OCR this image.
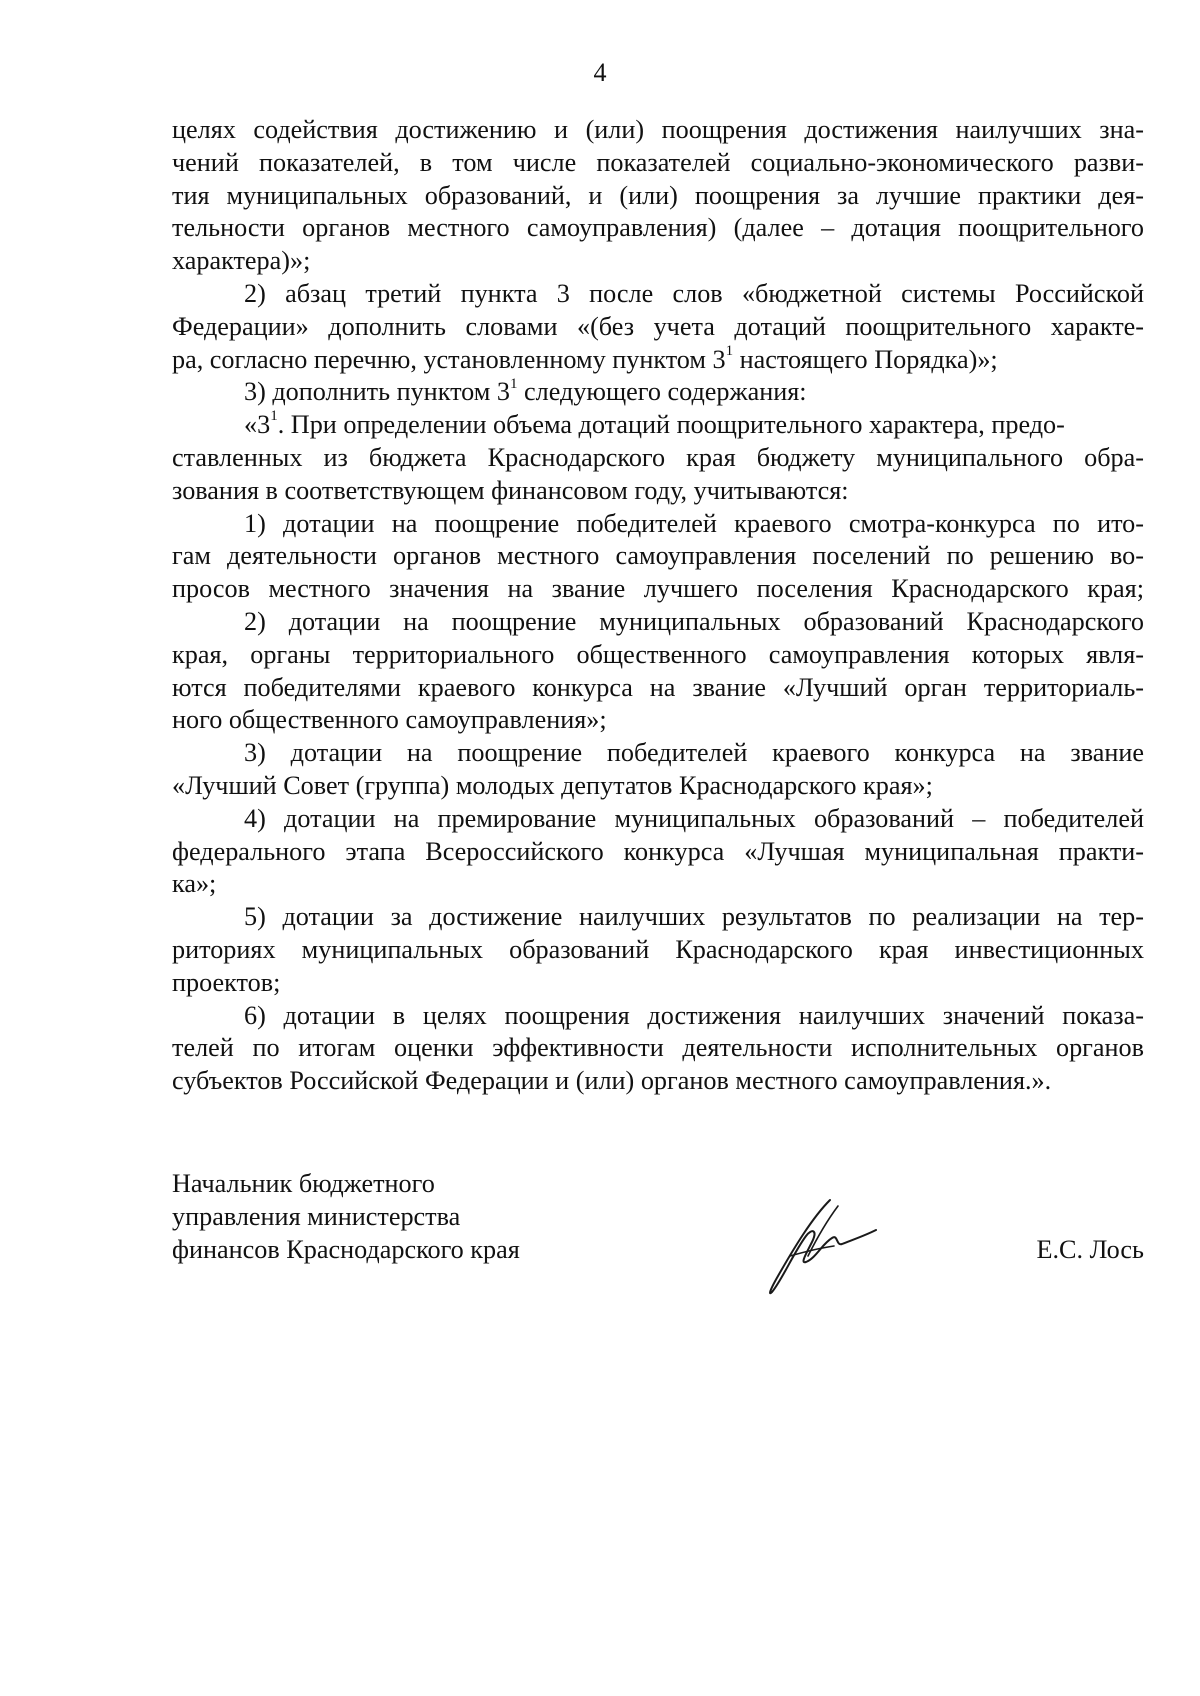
4
целях содействия достижению и (или) поощрения достижения наилучших зна-
чений показателей, в том числе показателей социально-экономического разви-
тия муниципальных образований, и (или) поощрения за лучшие практики дея-
тельности органов местного самоуправления) (далее – дотация поощрительного
характера)»;
2) абзац третий пункта 3 после слов «бюджетной системы Российской
Федерации» дополнить словами «(без учета дотаций поощрительного характе-
ра, согласно перечню, установленному пунктом $3^1$ настоящего Порядка)»;
3) дополнить пунктом $3^1$ следующего содержания:
«$3^1$. При определении объема дотаций поощрительного характера, предо-
ставленных из бюджета Краснодарского края бюджету муниципального обра-
зования в соответствующем финансовом году, учитываются:
1) дотации на поощрение победителей краевого смотра-конкурса по ито-
гам деятельности органов местного самоуправления поселений по решению во-
просов местного значения на звание лучшего поселения Краснодарского края;
2) дотации на поощрение муниципальных образований Краснодарского
края, органы территориального общественного самоуправления которых явля-
ются победителями краевого конкурса на звание «Лучший орган территориаль-
ного общественного самоуправления»;
3) дотации на поощрение победителей краевого конкурса на звание
«Лучший Совет (группа) молодых депутатов Краснодарского края»;
4) дотации на премирование муниципальных образований – победителей
федерального этапа Всероссийского конкурса «Лучшая муниципальная практи-
ка»;
5) дотации за достижение наилучших результатов по реализации на тер-
риториях муниципальных образований Краснодарского края инвестиционных
проектов;
6) дотации в целях поощрения достижения наилучших значений показа-
телей по итогам оценки эффективности деятельности исполнительных органов
субъектов Российской Федерации и (или) органов местного самоуправления.».
Начальник бюджетного
управления министерства
финансов Краснодарского края	Е.С. Лось
